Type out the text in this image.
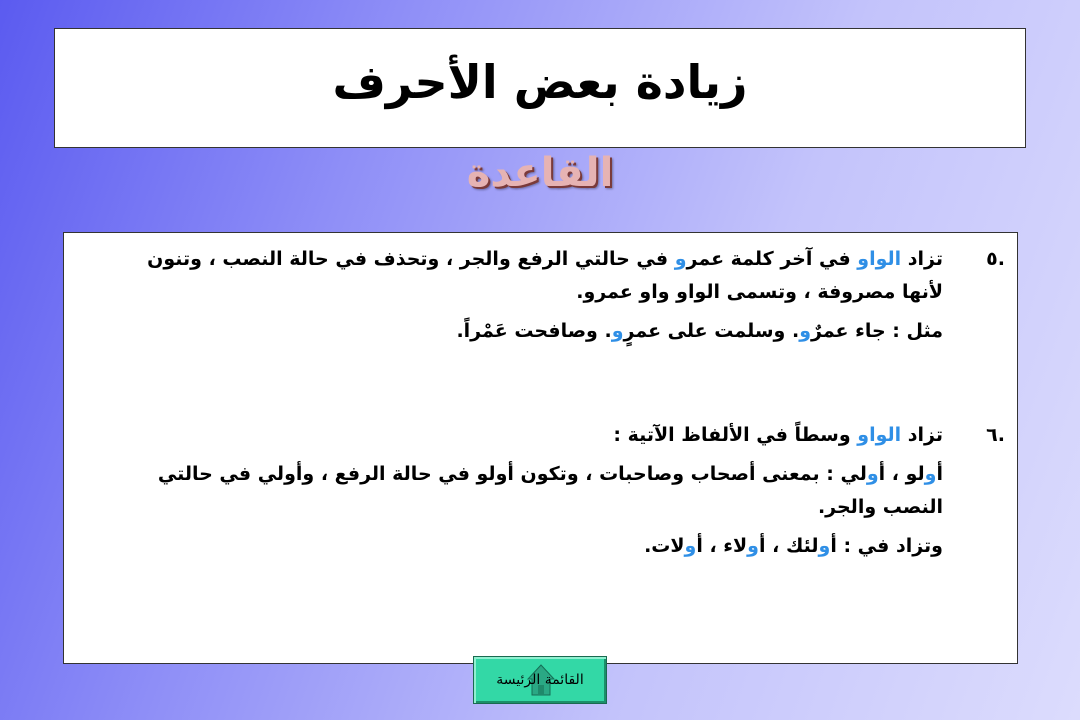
زيادة بعض الأحرف
القاعدة
.٥

تزاد الواو في آخر كلمة عمرو في حالتي الرفع والجر ، وتحذف في حالة النصب ، وتنون لأنها مصروفة ، وتسمى الواو واو عمرو.

مثل : جاء عمرٌو. وسلمت على عمرٍو. وصافحت عَمْراً.

.٦

تزاد الواو وسطاً في الألفاظ الآتية :

أولو ، أولي : بمعنى أصحاب وصاحبات ، وتكون أولو في حالة الرفع ، وأولي في حالتي النصب والجر.

وتزاد في : أولئك ، أولاء ، أولات.

القائمة الرئيسة
